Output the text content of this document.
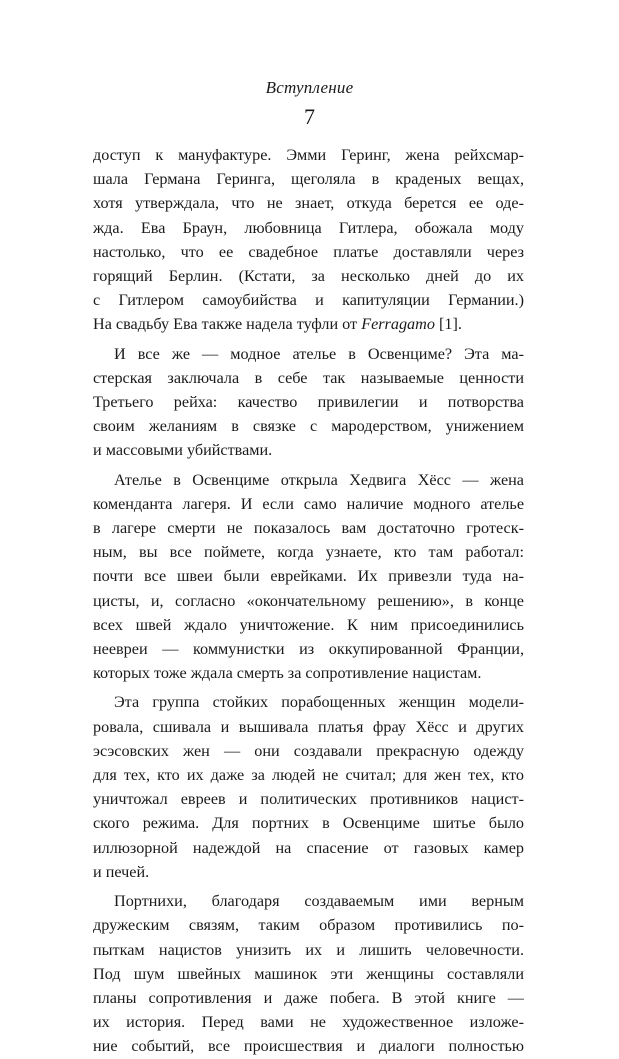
Вступление
7

доступ к мануфактуре. Эмми Геринг, жена рейхсмар-
шала Германа Геринга, щеголяла в краденых вещах,
хотя утверждала, что не знает, откуда берется ее оде-
жда. Ева Браун, любовница Гитлера, обожала моду
настолько, что ее свадебное платье доставляли через
горящий Берлин. (Кстати, за несколько дней до их
с Гитлером самоубийства и капитуляции Германии.)
На свадьбу Ева также надела туфли от Ferragamo [1].

И все же — модное ателье в Освенциме? Эта ма-
стерская заключала в себе так называемые ценности
Третьего рейха: качество привилегии и потворства
своим желаниям в связке с мародерством, унижением
и массовыми убийствами.

Ателье в Освенциме открыла Хедвига Хёсс — жена
коменданта лагеря. И если само наличие модного ателье
в лагере смерти не показалось вам достаточно гротеск-
ным, вы все поймете, когда узнаете, кто там работал:
почти все швеи были еврейками. Их привезли туда на-
цисты, и, согласно «окончательному решению», в конце
всех швей ждало уничтожение. К ним присоединились
неевреи — коммунистки из оккупированной Франции,
которых тоже ждала смерть за сопротивление нацистам.

Эта группа стойких порабощенных женщин модели-
ровала, сшивала и вышивала платья фрау Хёсс и других
эсэсовских жен — они создавали прекрасную одежду
для тех, кто их даже за людей не считал; для жен тех, кто
уничтожал евреев и политических противников нацист-
ского режима. Для портних в Освенциме шитье было
иллюзорной надеждой на спасение от газовых камер
и печей.

Портнихи, благодаря создаваемым ими верным
дружеским связям, таким образом противились по-
пыткам нацистов унизить их и лишить человечности.
Под шум швейных машинок эти женщины составляли
планы сопротивления и даже побега. В этой книге —
их история. Перед вами не художественное изложе-
ние событий, все происшествия и диалоги полностью
